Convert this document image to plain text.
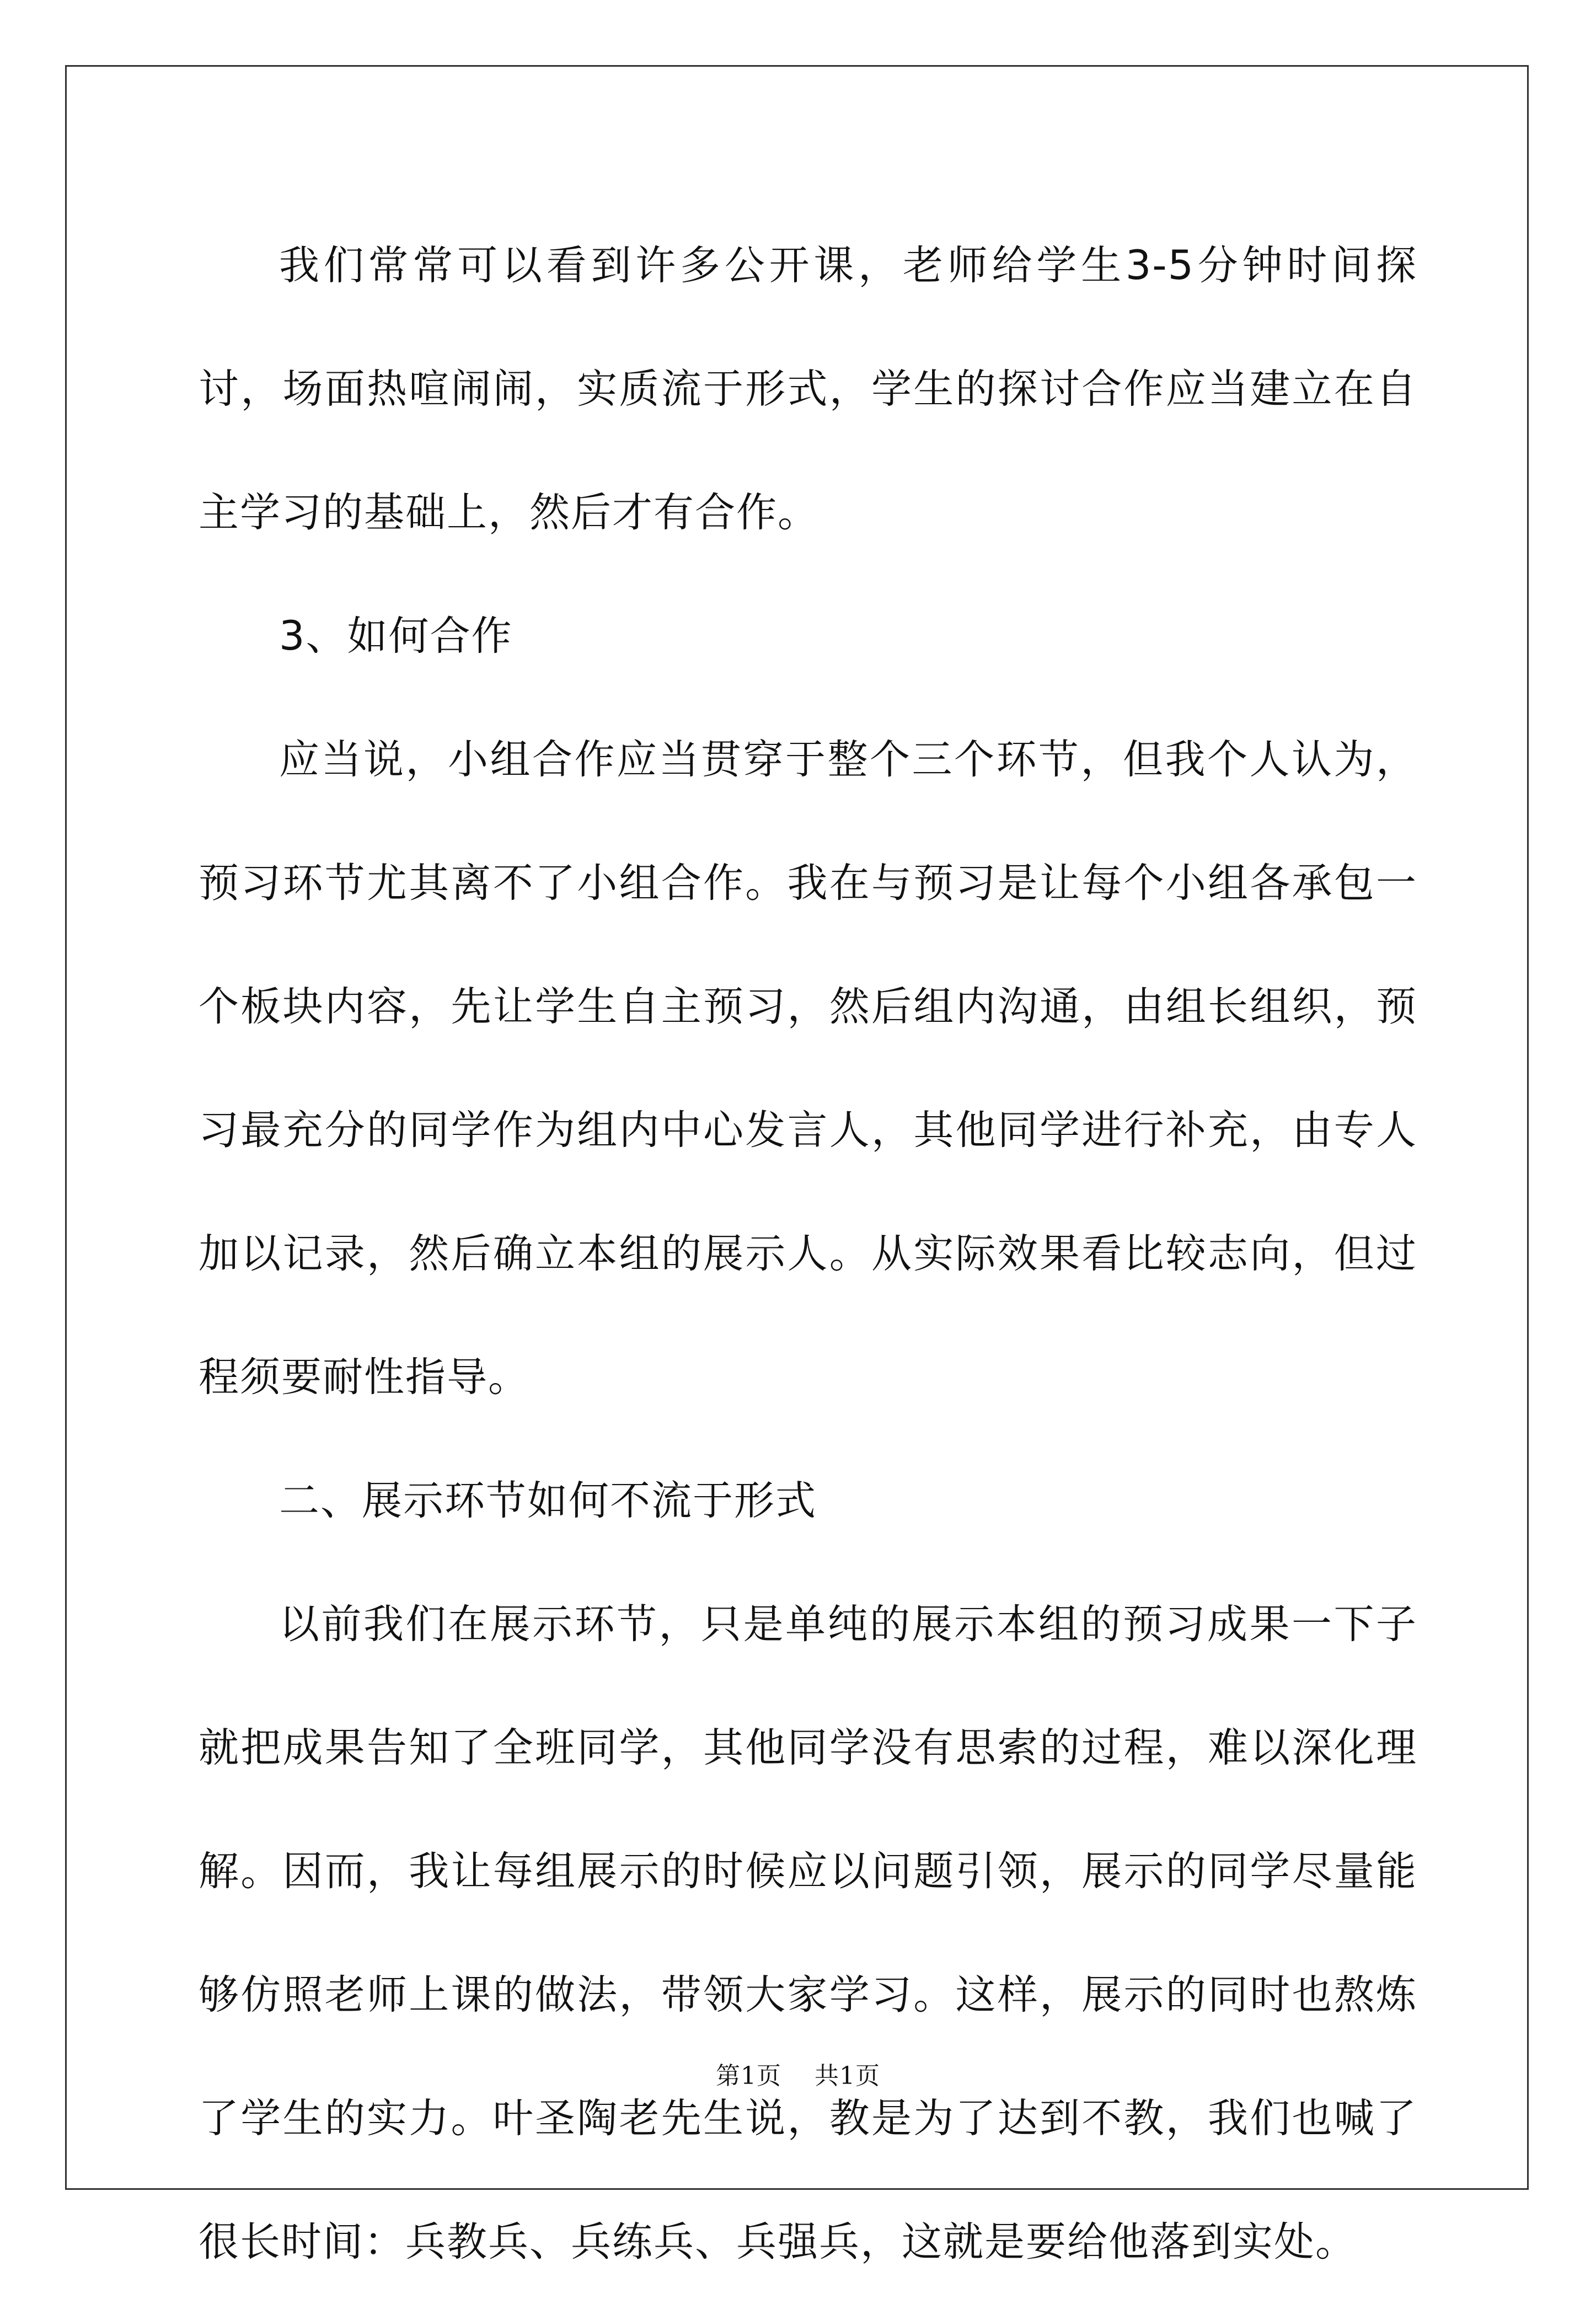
我们常常可以看到许多公开课，老师给学生3-5分钟时间探讨，场面热喧闹闹，实质流于形式，学生的探讨合作应当建立在自主学习的基础上，然后才有合作。

3、如何合作

应当说，小组合作应当贯穿于整个三个环节，但我个人认为，预习环节尤其离不了小组合作。我在与预习是让每个小组各承包一个板块内容，先让学生自主预习，然后组内沟通，由组长组织，预习最充分的同学作为组内中心发言人，其他同学进行补充，由专人加以记录，然后确立本组的展示人。从实际效果看比较志向，但过程须要耐性指导。

二、展示环节如何不流于形式

以前我们在展示环节，只是单纯的展示本组的预习成果一下子就把成果告知了全班同学，其他同学没有思索的过程，难以深化理解。因而，我让每组展示的时候应以问题引领，展示的同学尽量能够仿照老师上课的做法，带领大家学习。这样，展示的同时也熬炼了学生的实力。叶圣陶老先生说，教是为了达到不教，我们也喊了很长时间：兵教兵、兵练兵、兵强兵，这就是要给他落到实处。

第1页 共1页
